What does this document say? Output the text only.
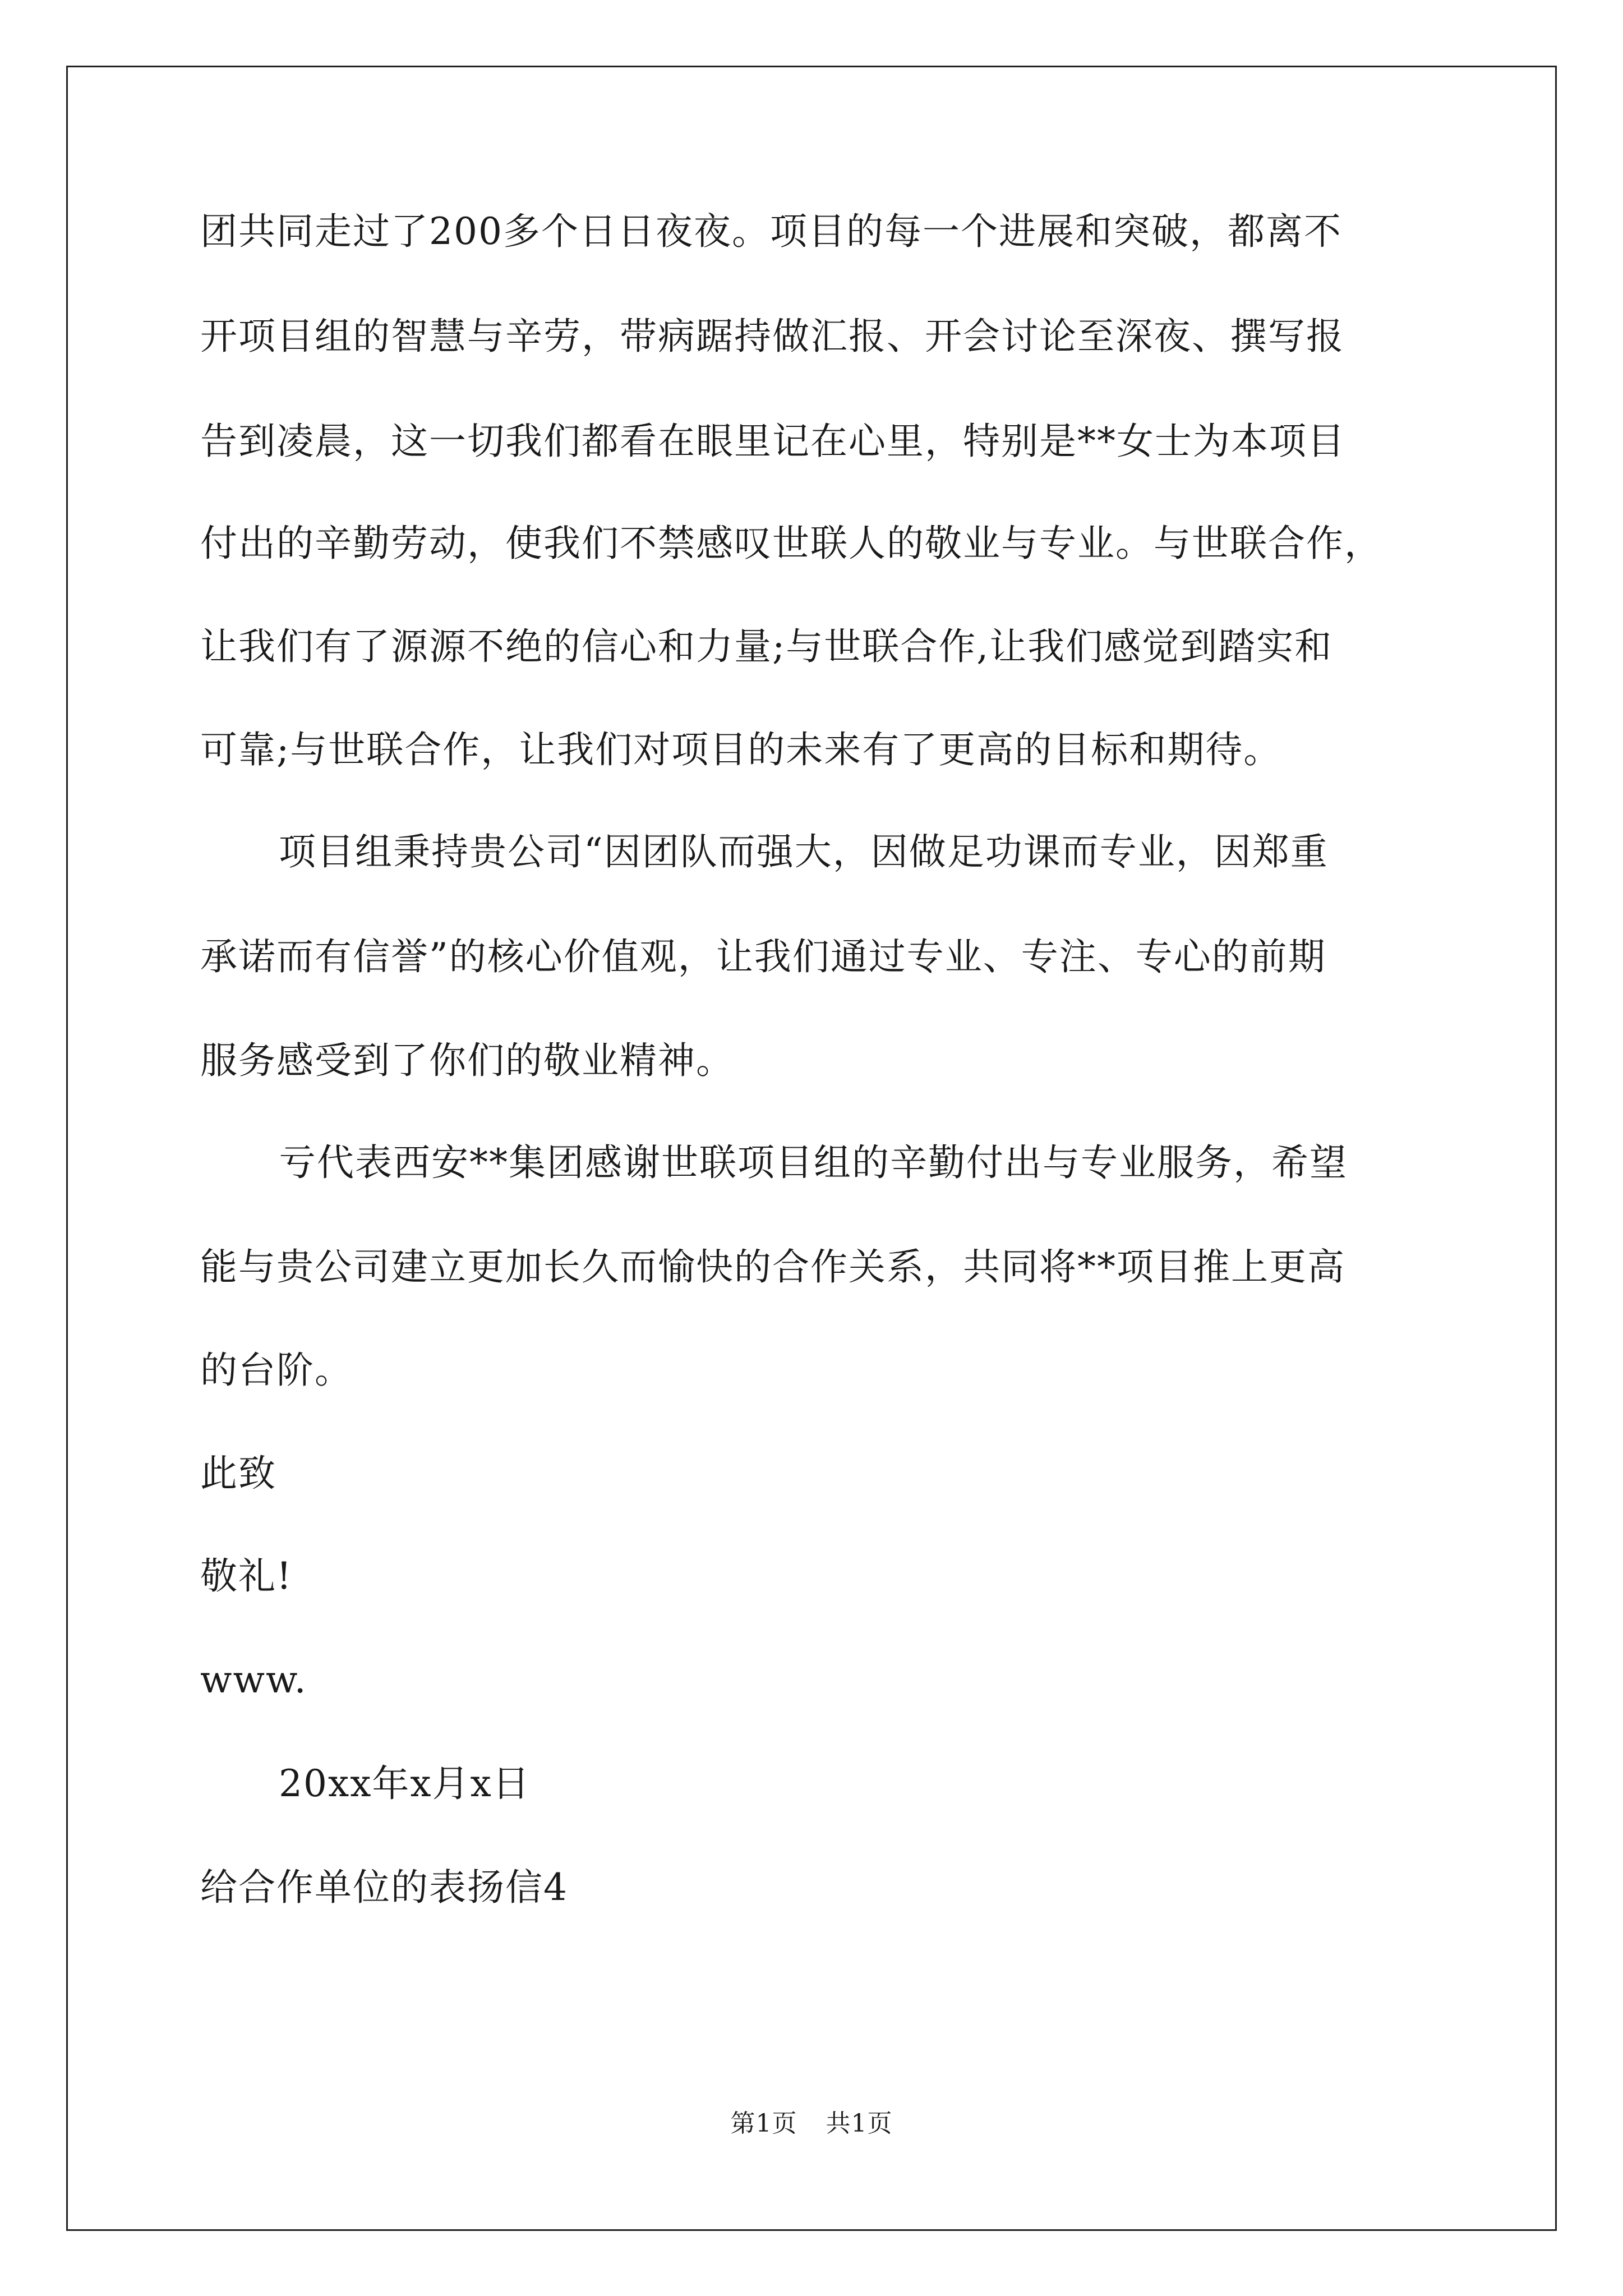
团共同走过了200多个日日夜夜。项目的每一个进展和突破，都离不
开项目组的智慧与辛劳，带病踞持做汇报、开会讨论至深夜、撰写报
告到凌晨，这一切我们都看在眼里记在心里，特别是**女士为本项目
付出的辛勤劳动，使我们不禁感叹世联人的敬业与专业。与世联合作，
让我们有了源源不绝的信心和力量;与世联合作,让我们感觉到踏实和
可靠;与世联合作，让我们对项目的未来有了更高的目标和期待。
项目组秉持贵公司“因团队而强大，因做足功课而专业，因郑重
承诺而有信誉”的核心价值观，让我们通过专业、专注、专心的前期
服务感受到了你们的敬业精神。
亏代表西安**集团感谢世联项目组的辛勤付出与专业服务，希望
能与贵公司建立更加长久而愉快的合作关系，共同将**项目推上更高
的台阶。
此致
敬礼!
www.
20xx年x月x日
给合作单位的表扬信4
第1页 共1页
